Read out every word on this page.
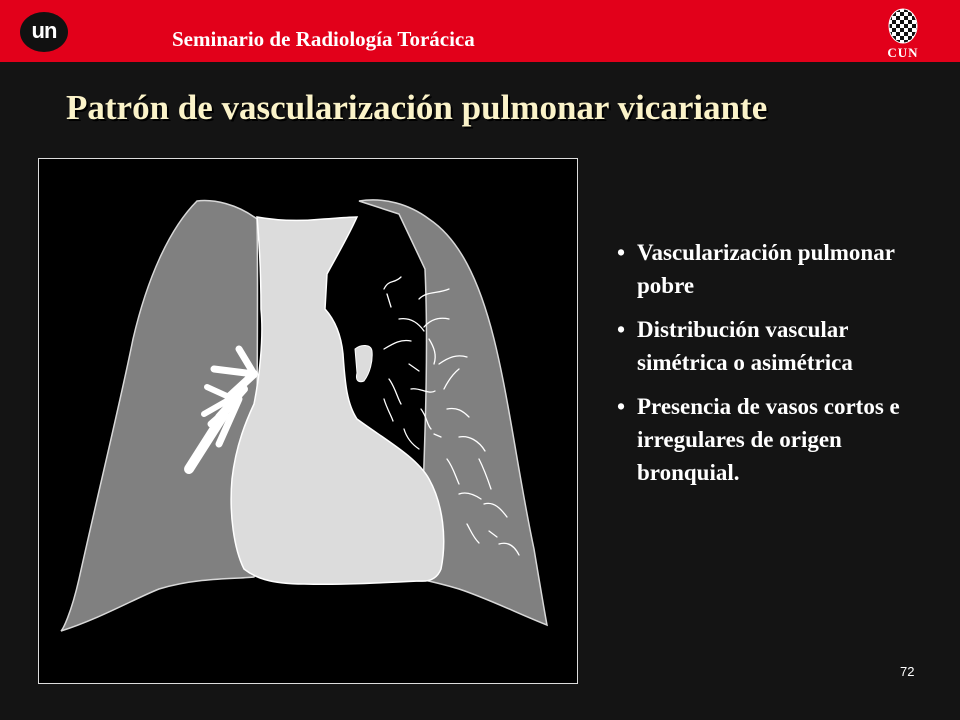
un	Seminario de Radiología Torácica
CUN
Patrón de vascularización pulmonar vicariante
• Vascularización pulmonar pobre
• Distribución vascular simétrica o asimétrica
• Presencia de vasos cortos e irregulares de origen bronquial.
72
